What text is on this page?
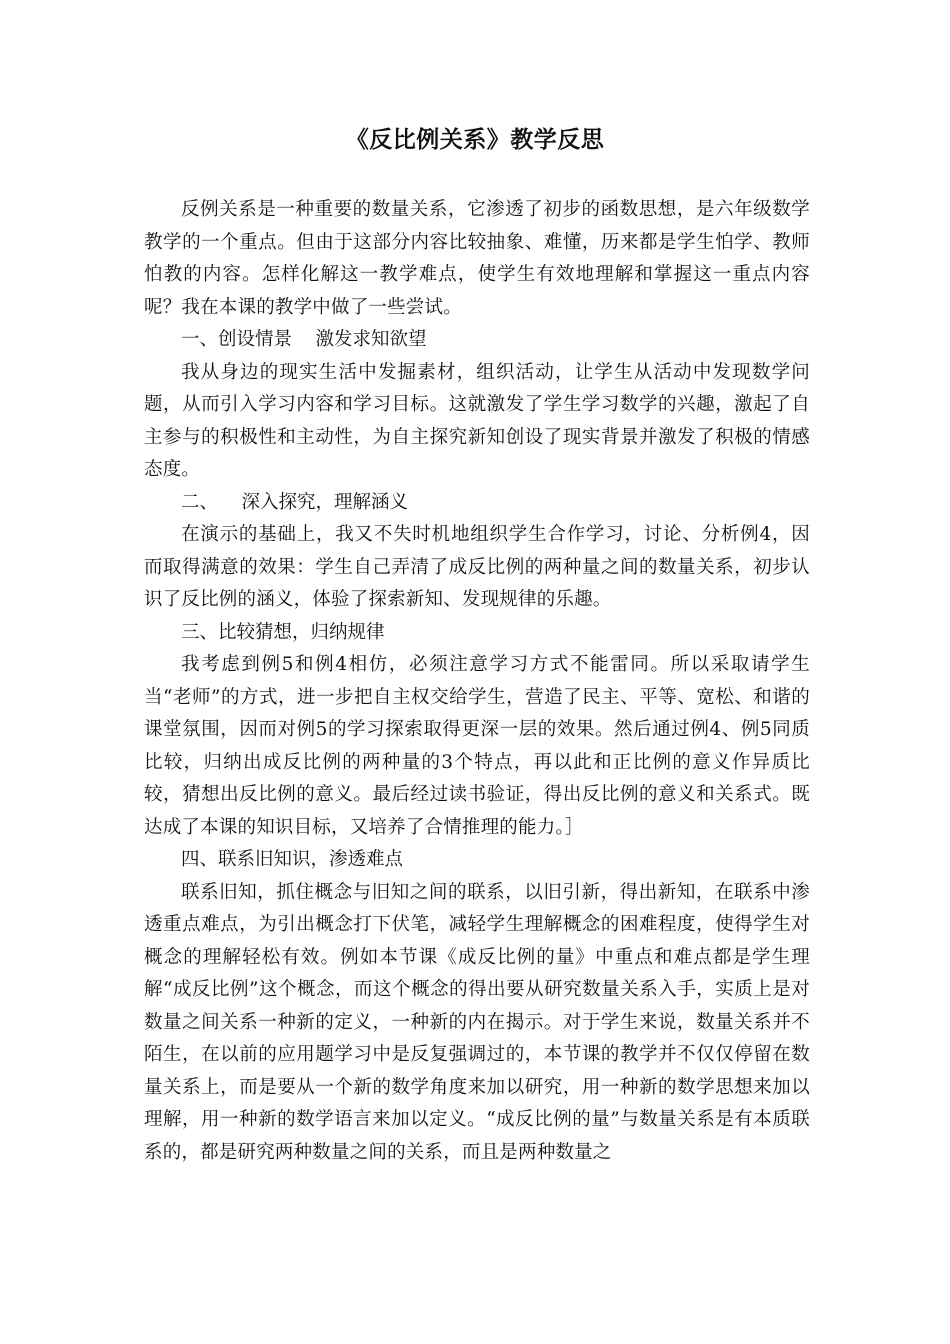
《反比例关系》教学反思

反例关系是一种重要的数量关系，它渗透了初步的函数思想，是六年级数学教学的一个重点。但由于这部分内容比较抽象、难懂，历来都是学生怕学、教师怕教的内容。怎样化解这一教学难点，使学生有效地理解和掌握这一重点内容呢？我在本课的教学中做了一些尝试。

一、创设情景    激发求知欲望

我从身边的现实生活中发掘素材，组织活动，让学生从活动中发现数学问题，从而引入学习内容和学习目标。这就激发了学生学习数学的兴趣，激起了自主参与的积极性和主动性，为自主探究新知创设了现实背景并激发了积极的情感态度。

二、    深入探究，理解涵义

在演示的基础上，我又不失时机地组织学生合作学习，讨论、分析例4，因而取得满意的效果：学生自己弄清了成反比例的两种量之间的数量关系，初步认识了反比例的涵义，体验了探索新知、发现规律的乐趣。

三、比较猜想，归纳规律

我考虑到例5和例4相仿，必须注意学习方式不能雷同。所以采取请学生当“老师”的方式，进一步把自主权交给学生，营造了民主、平等、宽松、和谐的课堂氛围，因而对例5的学习探索取得更深一层的效果。然后通过例4、例5同质比较，归纳出成反比例的两种量的3个特点，再以此和正比例的意义作异质比较，猜想出反比例的意义。最后经过读书验证，得出反比例的意义和关系式。既达成了本课的知识目标，又培养了合情推理的能力。］

四、联系旧知识，渗透难点

联系旧知，抓住概念与旧知之间的联系，以旧引新，得出新知，在联系中渗透重点难点，为引出概念打下伏笔，减轻学生理解概念的困难程度，使得学生对概念的理解轻松有效。例如本节课《成反比例的量》中重点和难点都是学生理解“成反比例”这个概念，而这个概念的得出要从研究数量关系入手，实质上是对数量之间关系一种新的定义，一种新的内在揭示。对于学生来说，数量关系并不陌生，在以前的应用题学习中是反复强调过的，本节课的教学并不仅仅停留在数量关系上，而是要从一个新的数学角度来加以研究，用一种新的数学思想来加以理解，用一种新的数学语言来加以定义。“成反比例的量”与数量关系是有本质联系的，都是研究两种数量之间的关系，而且是两种数量之
